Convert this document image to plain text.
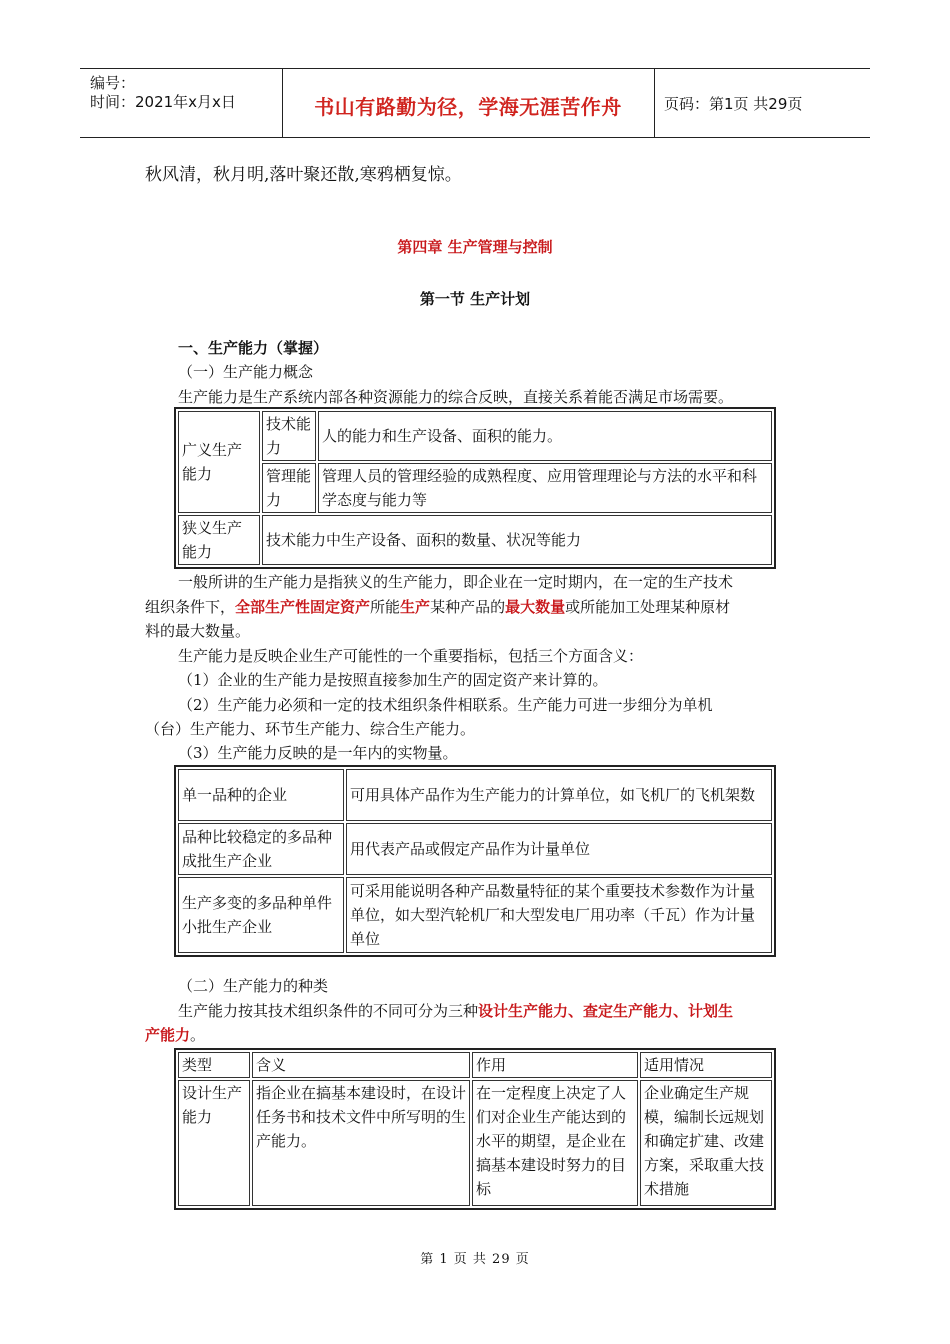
编号：
时间：2021年x月x日	书山有路勤为径，学海无涯苦作舟	页码：第1页 共29页
秋风清，秋月明,落叶聚还散,寒鸦栖复惊。
第四章 生产管理与控制
第一节 生产计划
一、生产能力（掌握）
（一）生产能力概念
生产能力是生产系统内部各种资源能力的综合反映，直接关系着能否满足市场需要。
广义生产能力	技术能力	人的能力和生产设备、面积的能力。
	管理能力	管理人员的管理经验的成熟程度、应用管理理论与方法的水平和科学态度与能力等
狭义生产能力	技术能力中生产设备、面积的数量、状况等能力	
一般所讲的生产能力是指狭义的生产能力，即企业在一定时期内，在一定的生产技术
组织条件下，全部生产性固定资产所能生产某种产品的最大数量或所能加工处理某种原材
料的最大数量。
生产能力是反映企业生产可能性的一个重要指标，包括三个方面含义：
（1）企业的生产能力是按照直接参加生产的固定资产来计算的。
（2）生产能力必须和一定的技术组织条件相联系。生产能力可进一步细分为单机
（台）生产能力、环节生产能力、综合生产能力。
（3）生产能力反映的是一年内的实物量。
单一品种的企业	可用具体产品作为生产能力的计算单位，如飞机厂的飞机架数
品种比较稳定的多品种成批生产企业	用代表产品或假定产品作为计量单位
生产多变的多品种单件小批生产企业	可采用能说明各种产品数量特征的某个重要技术参数作为计量单位，如大型汽轮机厂和大型发电厂用功率（千瓦）作为计量单位
（二）生产能力的种类
生产能力按其技术组织条件的不同可分为三种设计生产能力、查定生产能力、计划生
产能力。
类型	含义	作用	适用情况
设计生产能力	指企业在搞基本建设时，在设计任务书和技术文件中所写明的生产能力。	在一定程度上决定了人们对企业生产能达到的水平的期望，是企业在搞基本建设时努力的目标	企业确定生产规模，编制长远规划和确定扩建、改建方案，采取重大技术措施
第 1 页 共 29 页
